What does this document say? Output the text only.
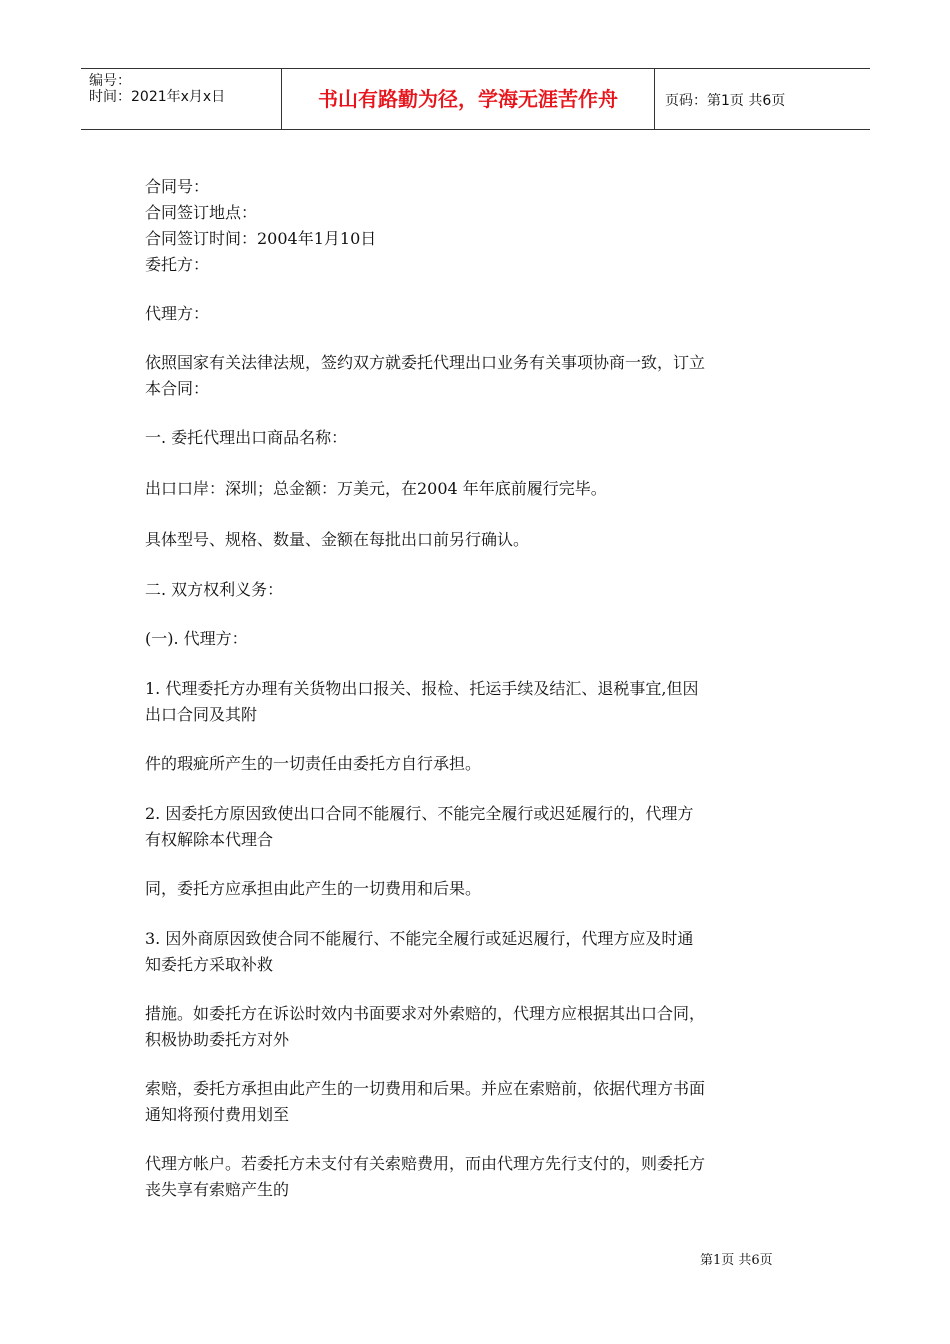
编号：
时间：2021年x月x日	书山有路勤为径，学海无涯苦作舟	页码：第1页 共6页
合同号：
合同签订地点：
合同签订时间：2004年1月10日
委托方：
代理方：
依照国家有关法律法规，签约双方就委托代理出口业务有关事项协商一致，订立
本合同：
一. 委托代理出口商品名称：
出口口岸：深圳；总金额：万美元，在2004 年年底前履行完毕。
具体型号、规格、数量、金额在每批出口前另行确认。
二. 双方权利义务：
(一). 代理方：
1. 代理委托方办理有关货物出口报关、报检、托运手续及结汇、退税事宜,但因
出口合同及其附
件的瑕疵所产生的一切责任由委托方自行承担。
2. 因委托方原因致使出口合同不能履行、不能完全履行或迟延履行的，代理方
有权解除本代理合
同，委托方应承担由此产生的一切费用和后果。
3. 因外商原因致使合同不能履行、不能完全履行或延迟履行，代理方应及时通
知委托方采取补救
措施。如委托方在诉讼时效内书面要求对外索赔的，代理方应根据其出口合同，
积极协助委托方对外
索赔，委托方承担由此产生的一切费用和后果。并应在索赔前，依据代理方书面
通知将预付费用划至
代理方帐户。若委托方未支付有关索赔费用，而由代理方先行支付的，则委托方
丧失享有索赔产生的
第1页 共6页
